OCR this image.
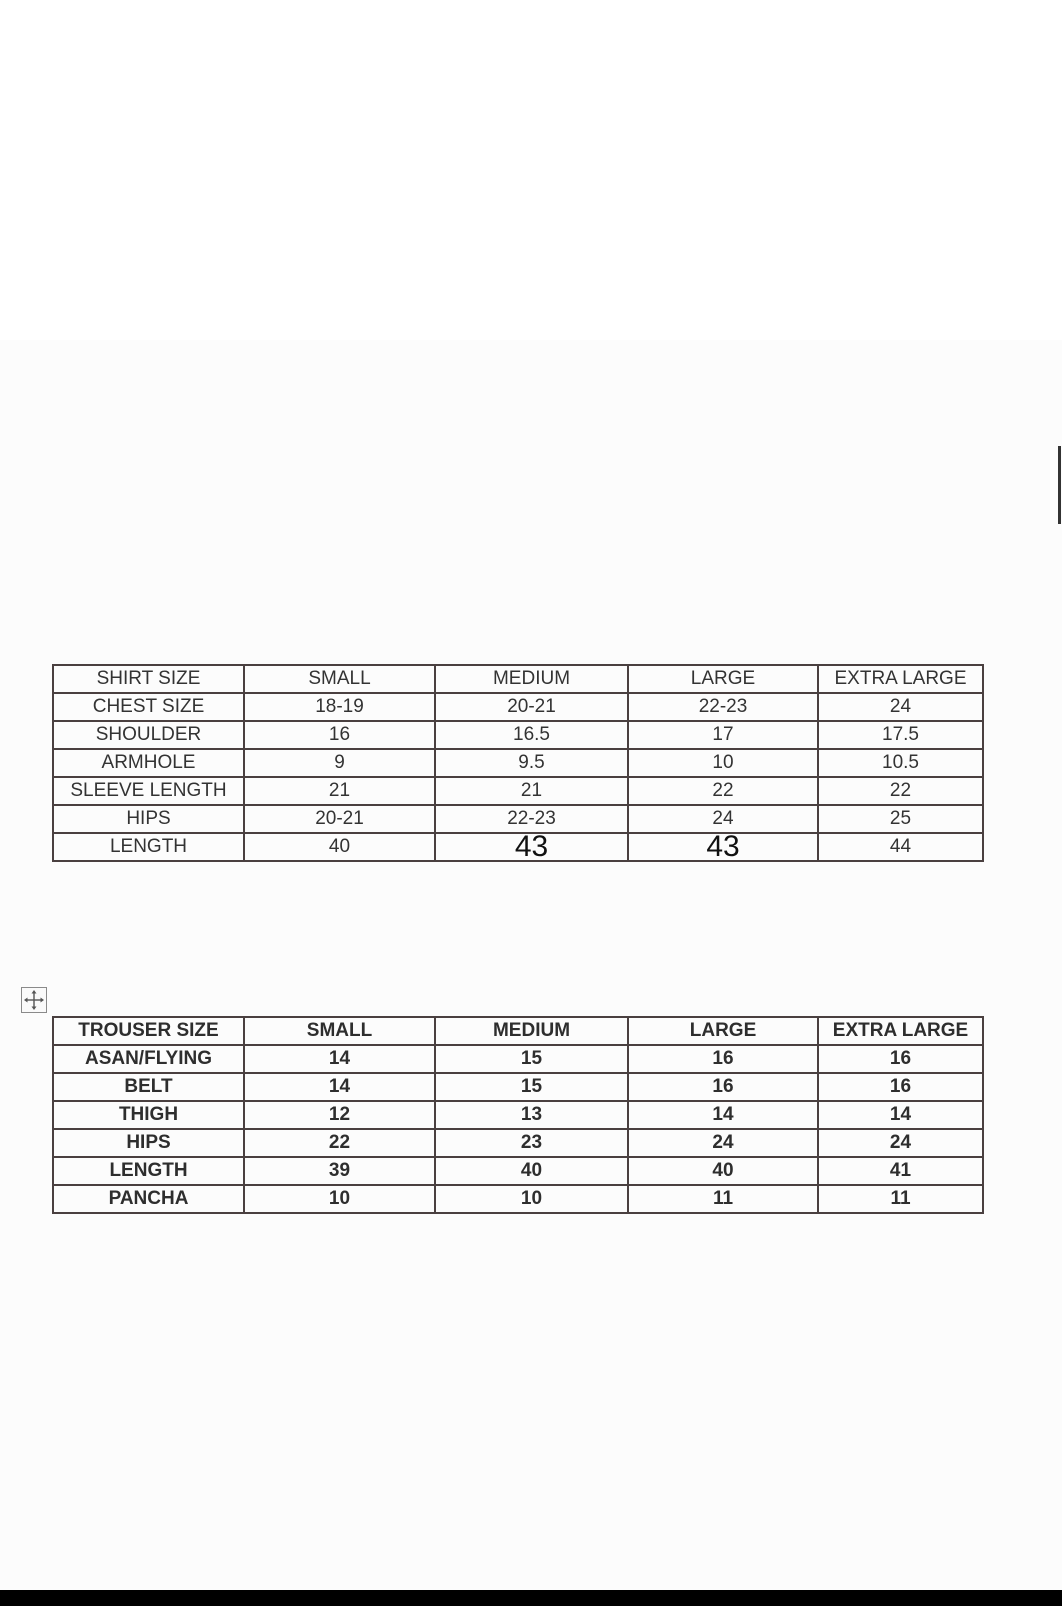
SHIRT SIZE	SMALL	MEDIUM	LARGE	EXTRA LARGE
CHEST SIZE	18-19	20-21	22-23	24
SHOULDER	16	16.5	17	17.5
ARMHOLE	9	9.5	10	10.5
SLEEVE LENGTH	21	21	22	22
HIPS	20-21	22-23	24	25
LENGTH	40	43	43	44
TROUSER SIZE	SMALL	MEDIUM	LARGE	EXTRA LARGE
ASAN/FLYING	14	15	16	16
BELT	14	15	16	16
THIGH	12	13	14	14
HIPS	22	23	24	24
LENGTH	39	40	40	41
PANCHA	10	10	11	11
